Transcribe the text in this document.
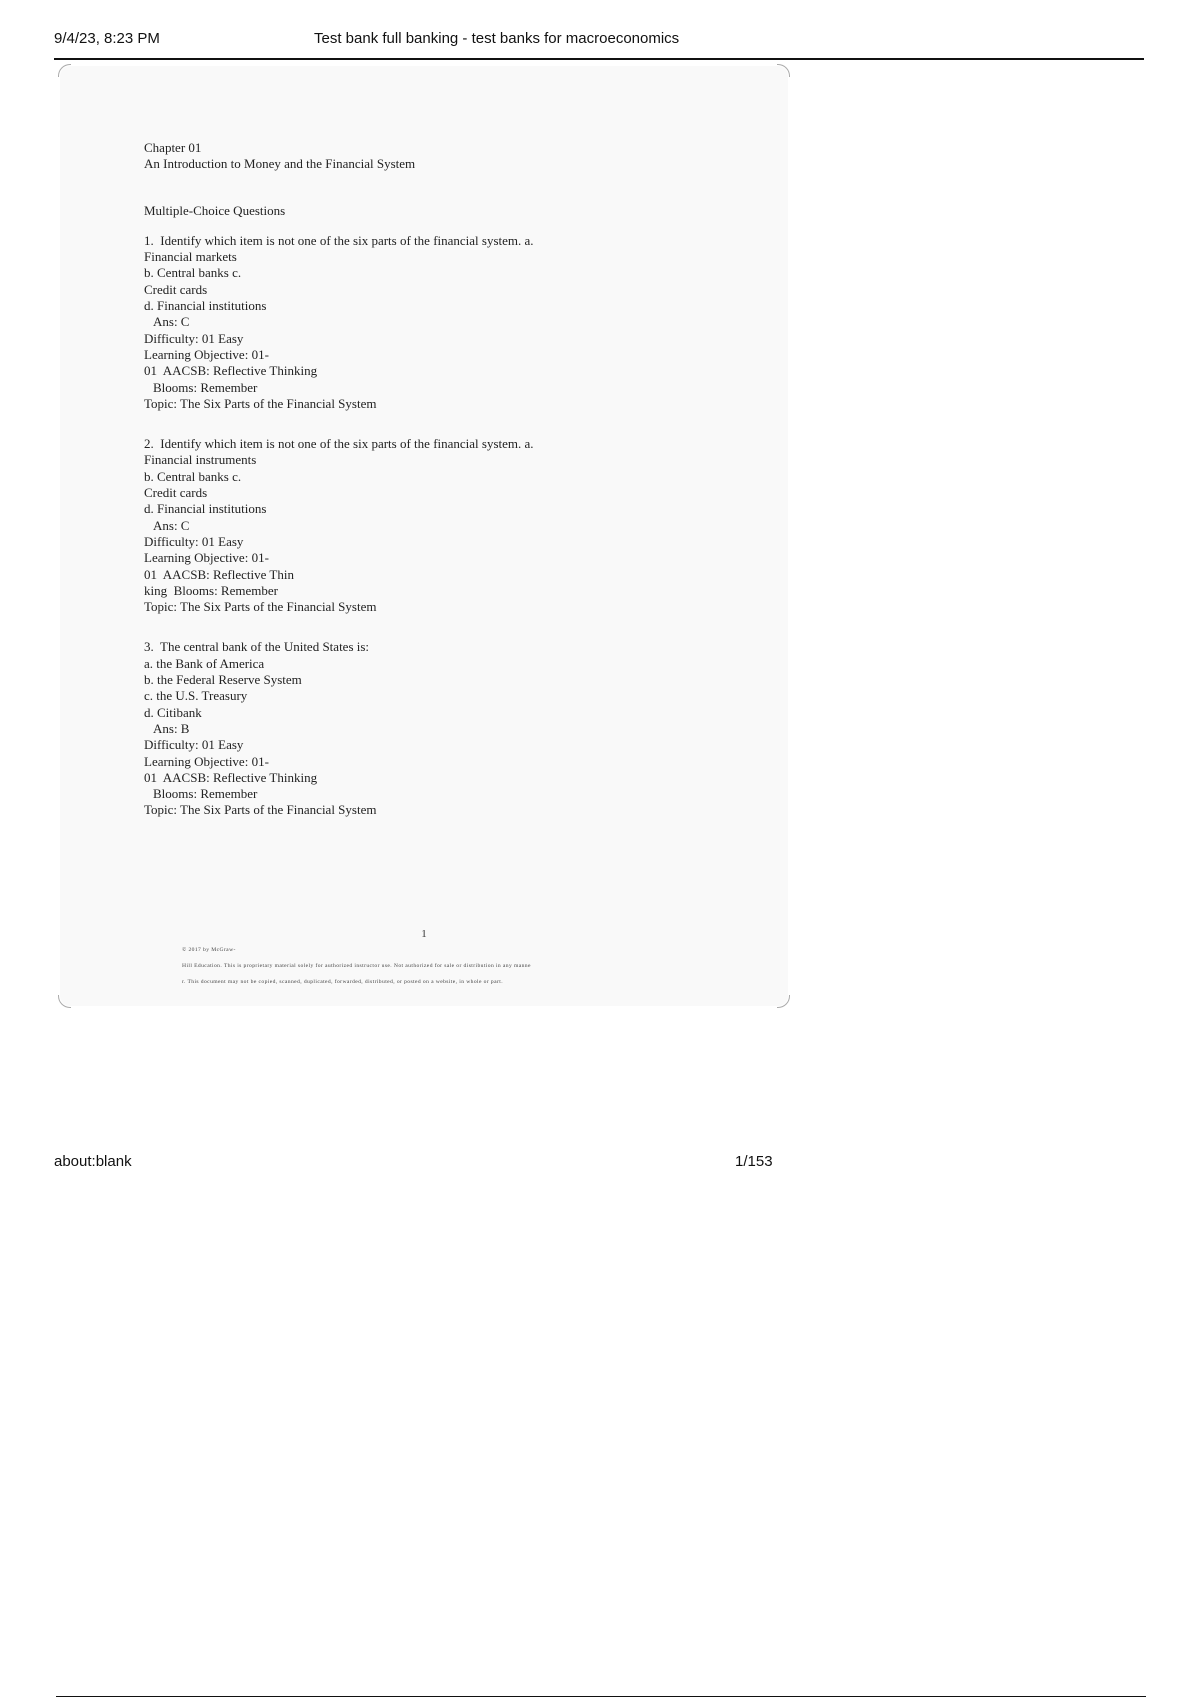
9/4/23, 8:23 PM	Test bank full banking - test banks for macroeconomics
Chapter 01
An Introduction to Money and the Financial System
Multiple-Choice Questions
1.  Identify which item is not one of the six parts of the financial system. a.
Financial markets
b. Central banks c.
Credit cards
d. Financial institutions
Ans: C
Difficulty: 01 Easy
Learning Objective: 01-
01  AACSB: Reflective Thinking
Blooms: Remember
Topic: The Six Parts of the Financial System
2.  Identify which item is not one of the six parts of the financial system. a.
Financial instruments
b. Central banks c.
Credit cards
d. Financial institutions
Ans: C
Difficulty: 01 Easy
Learning Objective: 01-
01  AACSB: Reflective Thin
king  Blooms: Remember
Topic: The Six Parts of the Financial System
3.  The central bank of the United States is:
a. the Bank of America
b. the Federal Reserve System
c. the U.S. Treasury
d. Citibank
Ans: B
Difficulty: 01 Easy
Learning Objective: 01-
01  AACSB: Reflective Thinking
Blooms: Remember
Topic: The Six Parts of the Financial System
1
© 2017 by McGraw-
Hill Education. This is proprietary material solely for authorized instructor use. Not authorized for sale or distribution in any manne
r. This document may not be copied, scanned, duplicated, forwarded, distributed, or posted on a website, in whole or part.
about:blank	1/153
